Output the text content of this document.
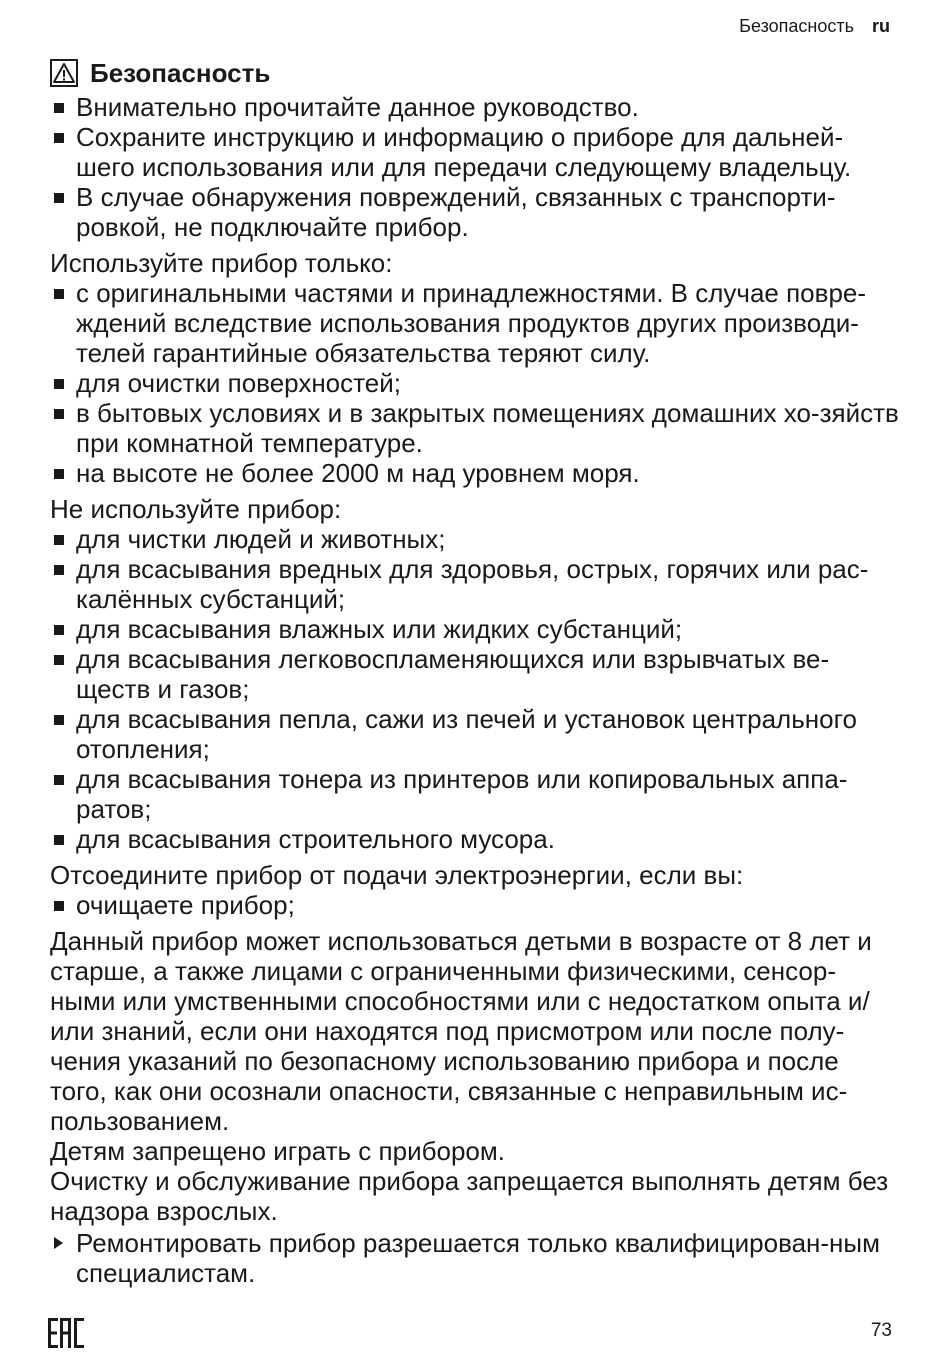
Безопасность ru
Безопасность
Внимательно прочитайте данное руководство.
Сохраните инструкцию и информацию о приборе для дальней-шего использования или для передачи следующему владельцу.
В случае обнаружения повреждений, связанных с транспорти-ровкой, не подключайте прибор.

Используйте прибор только:

с оригинальными частями и принадлежностями. В случае повре-ждений вследствие использования продуктов других производи-телей гарантийные обязательства теряют силу.
для очистки поверхностей;
в бытовых условиях и в закрытых помещениях домашних хо-зяйств при комнатной температуре.
на высоте не более 2000 м над уровнем моря.

Не используйте прибор:

для чистки людей и животных;
для всасывания вредных для здоровья, острых, горячих или рас-калённых субстанций;
для всасывания влажных или жидких субстанций;
для всасывания легковоспламеняющихся или взрывчатых ве-ществ и газов;
для всасывания пепла, сажи из печей и установок центрального отопления;
для всасывания тонера из принтеров или копировальных аппа-ратов;
для всасывания строительного мусора.

Отсоедините прибор от подачи электроэнергии, если вы:

очищаете прибор;

Данный прибор может использоваться детьми в возрасте от 8 лет и старше, а также лицами с ограниченными физическими, сенсор-ными или умственными способностями или с недостатком опыта и/или знаний, если они находятся под присмотром или после полу-чения указаний по безопасному использованию прибора и после того, как они осознали опасности, связанные с неправильным ис-пользованием.

Детям запрещено играть с прибором.

Очистку и обслуживание прибора запрещается выполнять детям без надзора взрослых.

Ремонтировать прибор разрешается только квалифицирован-ным специалистам.
73
